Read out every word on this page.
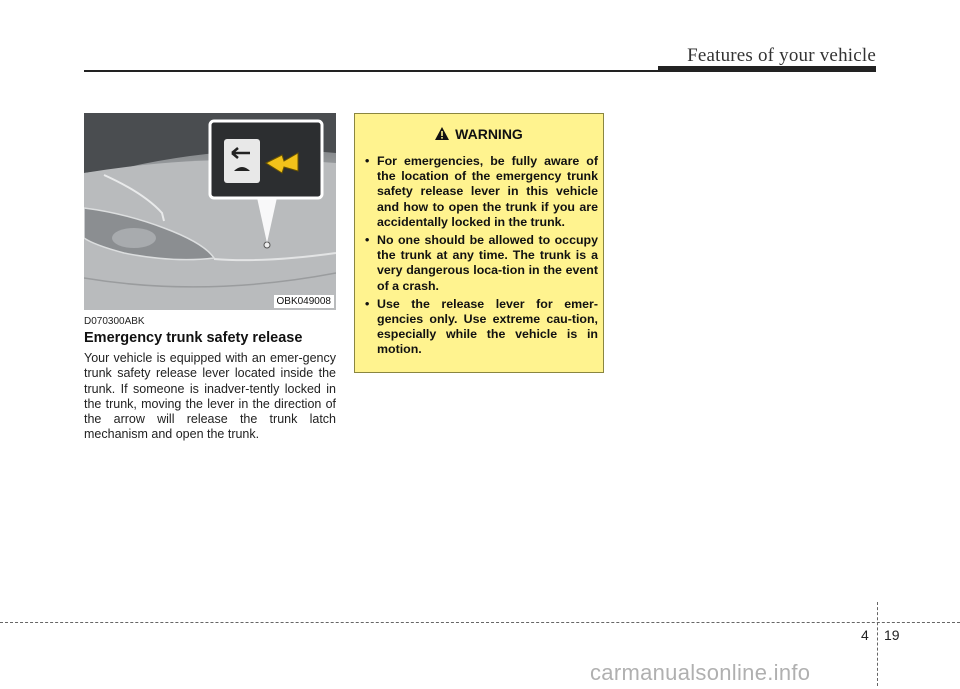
Features of your vehicle
OBK049008
D070300ABK
Emergency trunk safety release
Your vehicle is equipped with an emer-gency trunk safety release lever located inside the trunk. If someone is inadver-tently locked in the trunk, moving the lever in the direction of the arrow will release the trunk latch mechanism and open the trunk.
WARNING
• For emergencies, be fully aware of the location of the emergency trunk safety release lever in this vehicle and how to open the trunk if you are accidentally locked in the trunk.
• No one should be allowed to occupy the trunk at any time. The trunk is a very dangerous loca-tion in the event of a crash.
• Use the release lever for emer-gencies only. Use extreme cau-tion, especially while the vehicle is in motion.
4 19
carmanualsonline.info
